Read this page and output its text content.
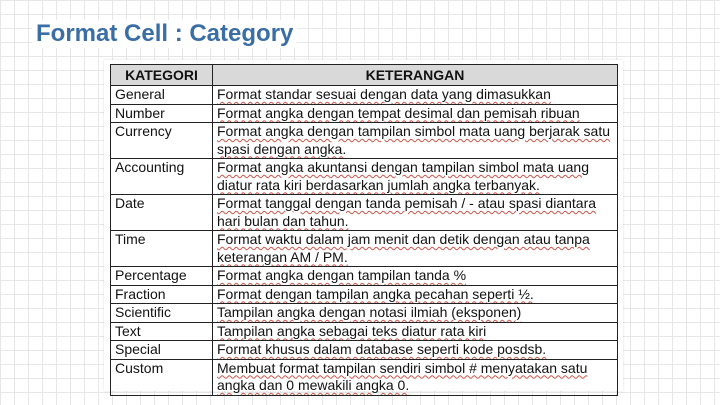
Format Cell : Category
KATEGORI	KETERANGAN
General	Format standar sesuai dengan data yang dimasukkan
Number	Format angka dengan tempat desimal dan pemisah ribuan
Currency	Format angka dengan tampilan simbol mata uang berjarak satu spasi dengan angka.
Accounting	Format angka akuntansi dengan tampilan simbol mata uang diatur rata kiri berdasarkan jumlah angka terbanyak.
Date	Format tanggal dengan tanda pemisah / - atau spasi diantara hari bulan dan tahun.
Time	Format waktu dalam jam menit dan detik dengan atau tanpa keterangan AM / PM.
Percentage	Format angka dengan tampilan tanda %
Fraction	Format dengan tampilan angka pecahan seperti ½.
Scientific	Tampilan angka dengan notasi ilmiah (eksponen)
Text	Tampilan angka sebagai teks diatur rata kiri
Special	Format khusus dalam database seperti kode posdsb.
Custom	Membuat format tampilan sendiri simbol # menyatakan satu angka dan 0 mewakili angka 0.
